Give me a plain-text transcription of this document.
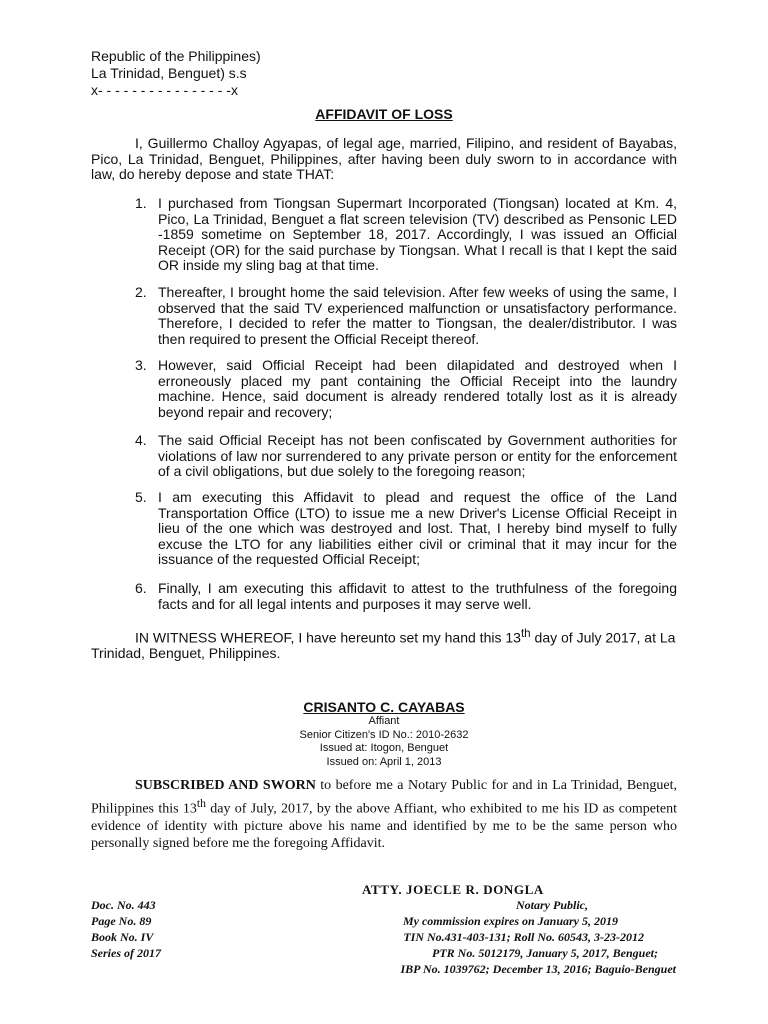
Republic of the Philippines)
La Trinidad, Benguet) s.s
x- - - - - - - - - - - - - - - -x
AFFIDAVIT OF LOSS
I, Guillermo Challoy Agyapas, of legal age, married, Filipino, and resident of Bayabas, Pico, La Trinidad, Benguet, Philippines, after having been duly sworn to in accordance with law, do hereby depose and state THAT:
1. I purchased from Tiongsan Supermart Incorporated (Tiongsan) located at Km. 4, Pico, La Trinidad, Benguet a flat screen television (TV) described as Pensonic LED -1859 sometime on September 18, 2017. Accordingly, I was issued an Official Receipt (OR) for the said purchase by Tiongsan. What I recall is that I kept the said OR inside my sling bag at that time.
2. Thereafter, I brought home the said television. After few weeks of using the same, I observed that the said TV experienced malfunction or unsatisfactory performance. Therefore, I decided to refer the matter to Tiongsan, the dealer/distributor. I was then required to present the Official Receipt thereof.
3. However, said Official Receipt had been dilapidated and destroyed when I erroneously placed my pant containing the Official Receipt into the laundry machine. Hence, said document is already rendered totally lost as it is already beyond repair and recovery;
4. The said Official Receipt has not been confiscated by Government authorities for violations of law nor surrendered to any private person or entity for the enforcement of a civil obligations, but due solely to the foregoing reason;
5. I am executing this Affidavit to plead and request the office of the Land Transportation Office (LTO) to issue me a new Driver's License Official Receipt in lieu of the one which was destroyed and lost. That, I hereby bind myself to fully excuse the LTO for any liabilities either civil or criminal that it may incur for the issuance of the requested Official Receipt;
6. Finally, I am executing this affidavit to attest to the truthfulness of the foregoing facts and for all legal intents and purposes it may serve well.
IN WITNESS WHEREOF, I have hereunto set my hand this 13th day of July 2017, at La Trinidad, Benguet, Philippines.
CRISANTO C. CAYABAS
Affiant
Senior Citizen's ID No.: 2010-2632
Issued at: Itogon, Benguet
Issued on: April 1, 2013
SUBSCRIBED AND SWORN to before me a Notary Public for and in La Trinidad, Benguet, Philippines this 13th day of July, 2017, by the above Affiant, who exhibited to me his ID as competent evidence of identity with picture above his name and identified by me to be the same person who personally signed before me the foregoing Affidavit.
ATTY. JOECLE R. DONGLA
Doc. No. 443
Page No. 89
Book No. IV
Series of 2017
Notary Public,
My commission expires on January 5, 2019
TIN No.431-403-131; Roll No. 60543, 3-23-2012
PTR No. 5012179, January 5, 2017, Benguet;
IBP No. 1039762; December 13, 2016; Baguio-Benguet
